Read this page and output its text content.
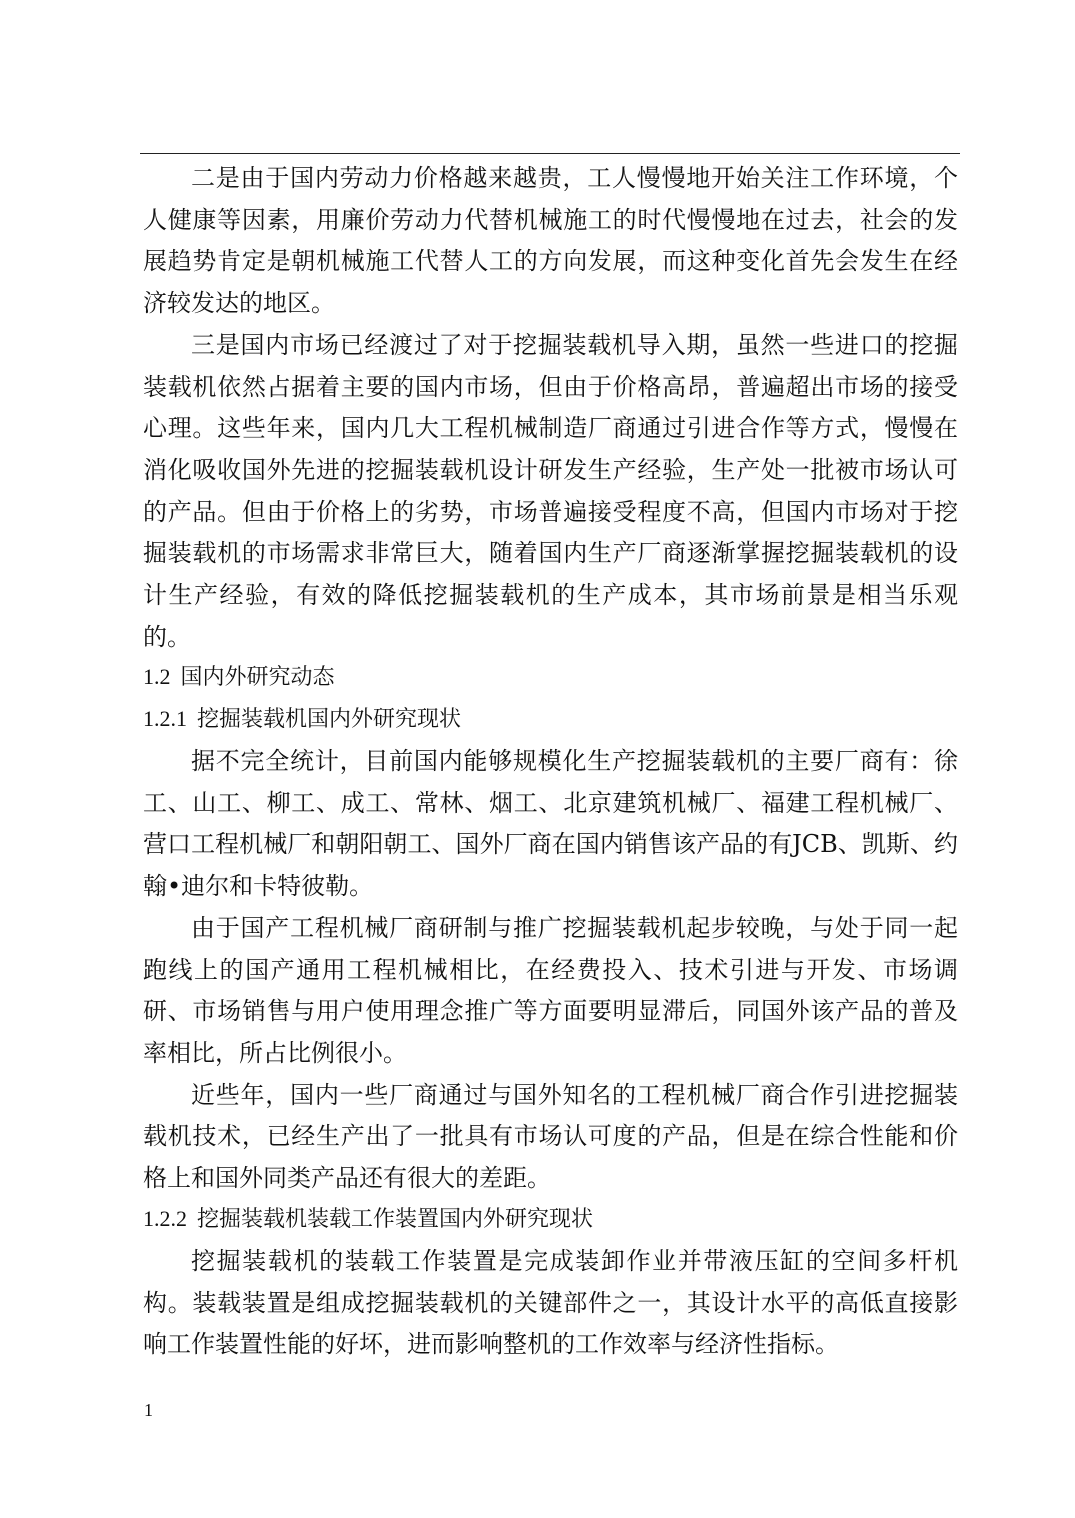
二是由于国内劳动力价格越来越贵，工人慢慢地开始关注工作环境，个人健康等因素，用廉价劳动力代替机械施工的时代慢慢地在过去，社会的发展趋势肯定是朝机械施工代替人工的方向发展，而这种变化首先会发生在经济较发达的地区。

三是国内市场已经渡过了对于挖掘装载机导入期，虽然一些进口的挖掘装载机依然占据着主要的国内市场，但由于价格高昂，普遍超出市场的接受心理。这些年来，国内几大工程机械制造厂商通过引进合作等方式，慢慢在消化吸收国外先进的挖掘装载机设计研发生产经验，生产处一批被市场认可的产品。但由于价格上的劣势，市场普遍接受程度不高，但国内市场对于挖掘装载机的市场需求非常巨大，随着国内生产厂商逐渐掌握挖掘装载机的设计生产经验，有效的降低挖掘装载机的生产成本，其市场前景是相当乐观的。

1.2 国内外研究动态
1.2.1 挖掘装载机国内外研究现状

据不完全统计，目前国内能够规模化生产挖掘装载机的主要厂商有：徐工、山工、柳工、成工、常林、烟工、北京建筑机械厂、福建工程机械厂、营口工程机械厂和朝阳朝工、国外厂商在国内销售该产品的有JCB、凯斯、约翰•迪尔和卡特彼勒。

由于国产工程机械厂商研制与推广挖掘装载机起步较晚，与处于同一起跑线上的国产通用工程机械相比，在经费投入、技术引进与开发、市场调研、市场销售与用户使用理念推广等方面要明显滞后，同国外该产品的普及率相比，所占比例很小。

近些年，国内一些厂商通过与国外知名的工程机械厂商合作引进挖掘装载机技术，已经生产出了一批具有市场认可度的产品，但是在综合性能和价格上和国外同类产品还有很大的差距。

1.2.2 挖掘装载机装载工作装置国内外研究现状

挖掘装载机的装载工作装置是完成装卸作业并带液压缸的空间多杆机构。装载装置是组成挖掘装载机的关键部件之一，其设计水平的高低直接影响工作装置性能的好坏，进而影响整机的工作效率与经济性指标。

1
